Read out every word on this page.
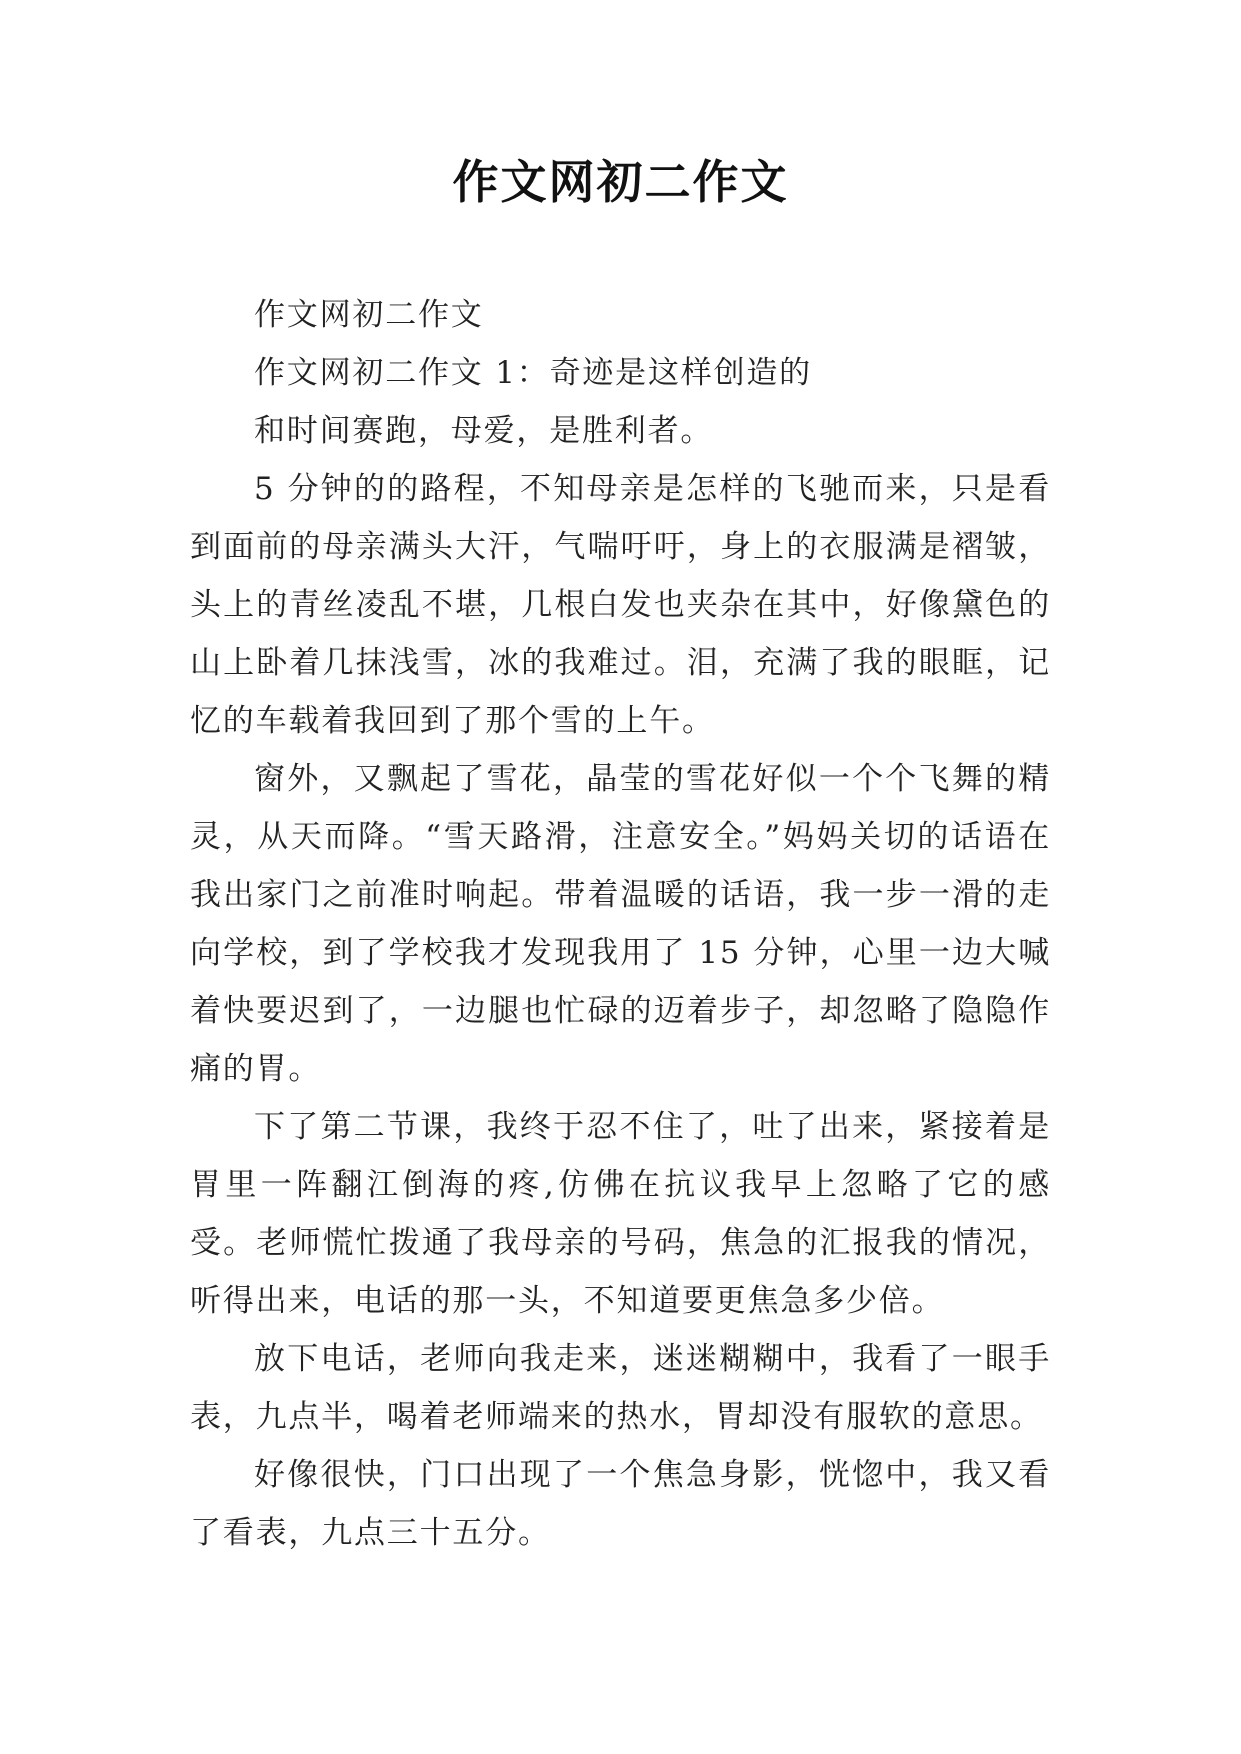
作文网初二作文

作文网初二作文

作文网初二作文 1：奇迹是这样创造的

和时间赛跑，母爱，是胜利者。

5 分钟的的路程，不知母亲是怎样的飞驰而来，只是看到面前的母亲满头大汗，气喘吁吁，身上的衣服满是褶皱，头上的青丝凌乱不堪，几根白发也夹杂在其中，好像黛色的山上卧着几抹浅雪，冰的我难过。泪，充满了我的眼眶，记忆的车载着我回到了那个雪的上午。

窗外，又飘起了雪花，晶莹的雪花好似一个个飞舞的精灵，从天而降。“雪天路滑，注意安全。”妈妈关切的话语在我出家门之前准时响起。带着温暖的话语，我一步一滑的走向学校，到了学校我才发现我用了 15 分钟，心里一边大喊着快要迟到了，一边腿也忙碌的迈着步子，却忽略了隐隐作痛的胃。

下了第二节课，我终于忍不住了，吐了出来，紧接着是胃里一阵翻江倒海的疼,仿佛在抗议我早上忽略了它的感受。老师慌忙拨通了我母亲的号码，焦急的汇报我的情况，听得出来，电话的那一头，不知道要更焦急多少倍。

放下电话，老师向我走来，迷迷糊糊中，我看了一眼手表，九点半，喝着老师端来的热水，胃却没有服软的意思。

好像很快，门口出现了一个焦急身影，恍惚中，我又看了看表，九点三十五分。
